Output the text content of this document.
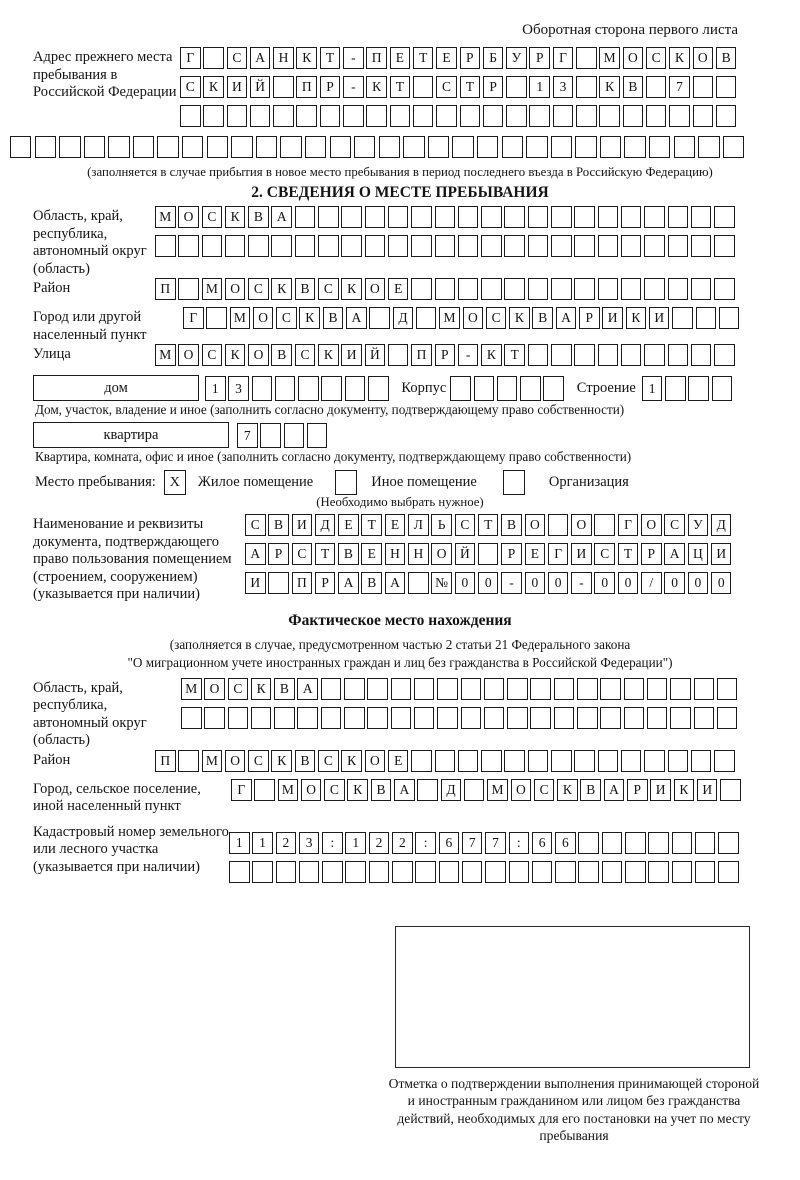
Оборотная сторона первого листа
Адрес прежнего места пребывания в Российской Федерации
Г	С	А	Н	К	Т	-	П	Е	Т	Е	Р	Б	У	Р	Г	М О	С	К	О	В
С	К	И	Й	П	Р	-	К	Т	С	Т	Р	1	3	К	В	7
(заполняется в случае прибытия в новое место пребывания в период последнего въезда в Российскую Федерацию)
2. СВЕДЕНИЯ О МЕСТЕ ПРЕБЫВАНИЯ
Область, край, республика, автономный округ (область)
М О	С	К	В	А
Район	П	М О	С	К	В	С	К	О	Е
Город или другой населенный пункт
Г	М О	С	К	В	А	Д	М О	С	К	В	А	Р	И	К	И
Улица	М О	С	К	О	В	С	К	И	Й	П	Р	-	К	Т
дом	1	3	Корпус	Строение 1
Дом, участок, владение и иное (заполнить согласно документу, подтверждающему право собственности)
квартира	7
Квартира, комната, офис и иное (заполнить согласно документу, подтверждающему право собственности)
Место пребывания: X	Жилое помещение	Иное помещение	Организация
(Необходимо выбрать нужное)
Наименование и реквизиты документа, подтверждающего право пользования помещением (строением, сооружением) (указывается при наличии)
С	В	И	Д	Е	Т	Е	Л	Ь	С	Т	В	О	О	Г	О	С	У	Д
А	Р	С	Т	В	Е	Н	Н	О	Й	Р	Е	Г	И	С	Т	Р	А	Ц	И
И	П	Р	А	В	А	№ 0	0	-	0	0	-	0	0	/	0	0	0
Фактическое место нахождения
(заполняется в случае, предусмотренном частью 2 статьи 21 Федерального закона
"О миграционном учете иностранных граждан и лиц без гражданства в Российской Федерации")
Область, край, республика, автономный округ (область)
М О	С	К	В	А
Район	П	М О	С	К	В	С	К	О	Е
Город, сельское поселение, иной населенный пункт
Г	М О	С	К	В	А	Д	М О	С	К	В	А	Р	И	К	И
Кадастровый номер земельного или лесного участка (указывается при наличии)
1	1	2	3	:	1	2	2	:	6	7	7	:	6	6
Отметка о подтверждении выполнения принимающей стороной и иностранным гражданином или лицом без гражданства действий, необходимых для его постановки на учет по месту пребывания
